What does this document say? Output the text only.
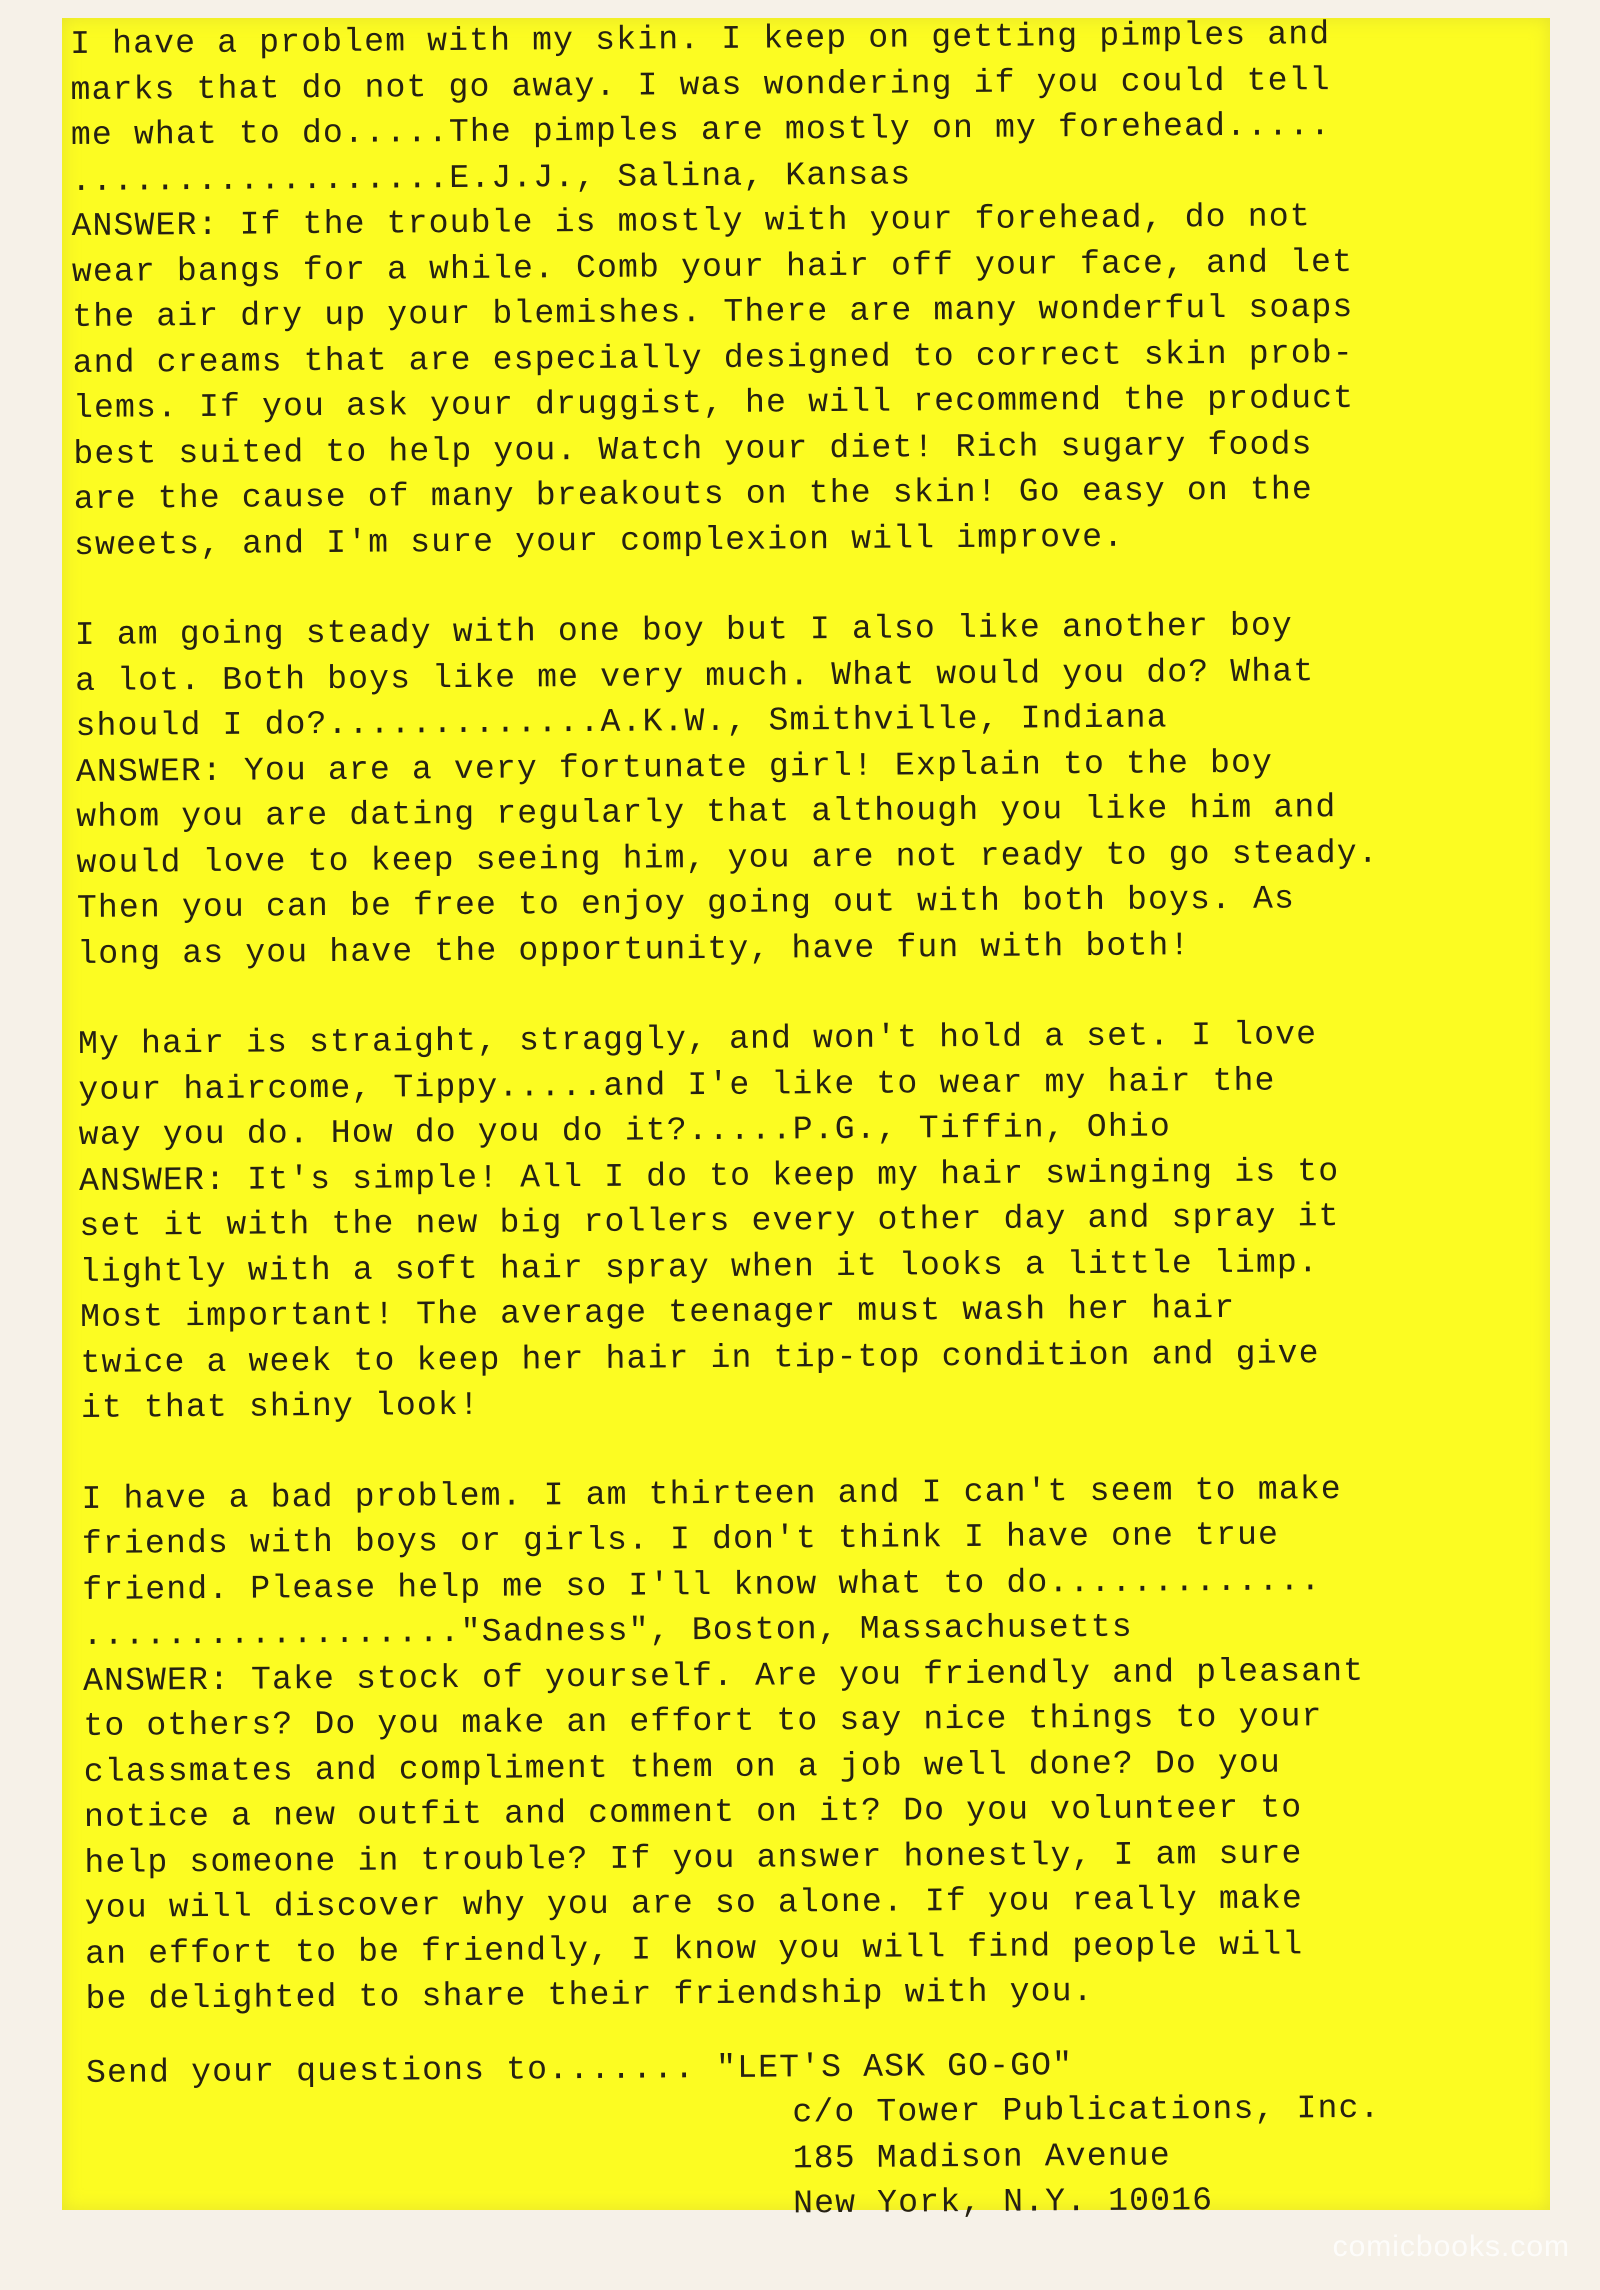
I have a problem with my skin. I keep on getting pimples and
marks that do not go away. I was wondering if you could tell
me what to do.....The pimples are mostly on my forehead.....
..................E.J.J., Salina, Kansas
ANSWER: If the trouble is mostly with your forehead, do not
wear bangs for a while. Comb your hair off your face, and let
the air dry up your blemishes. There are many wonderful soaps
and creams that are especially designed to correct skin prob-
lems. If you ask your druggist, he will recommend the product
best suited to help you. Watch your diet! Rich sugary foods
are the cause of many breakouts on the skin! Go easy on the
sweets, and I'm sure your complexion will improve.
I am going steady with one boy but I also like another boy
a lot. Both boys like me very much. What would you do? What
should I do?.............A.K.W., Smithville, Indiana
ANSWER: You are a very fortunate girl! Explain to the boy
whom you are dating regularly that although you like him and
would love to keep seeing him, you are not ready to go steady.
Then you can be free to enjoy going out with both boys. As
long as you have the opportunity, have fun with both!
My hair is straight, straggly, and won't hold a set. I love
your haircome, Tippy.....and I'e like to wear my hair the
way you do. How do you do it?.....P.G., Tiffin, Ohio
ANSWER: It's simple! All I do to keep my hair swinging is to
set it with the new big rollers every other day and spray it
lightly with a soft hair spray when it looks a little limp.
Most important! The average teenager must wash her hair
twice a week to keep her hair in tip-top condition and give
it that shiny look!
I have a bad problem. I am thirteen and I can't seem to make
friends with boys or girls. I don't think I have one true
friend. Please help me so I'll know what to do.............
.................."Sadness", Boston, Massachusetts
ANSWER: Take stock of yourself. Are you friendly and pleasant
to others? Do you make an effort to say nice things to your
classmates and compliment them on a job well done? Do you
notice a new outfit and comment on it? Do you volunteer to
help someone in trouble? If you answer honestly, I am sure
you will discover why you are so alone. If you really make
an effort to be friendly, I know you will find people will
be delighted to share their friendship with you.
Send your questions to....... "LET'S ASK GO-GO"
c/o Tower Publications, Inc.
185 Madison Avenue
New York, N.Y. 10016
comicbooks.com
